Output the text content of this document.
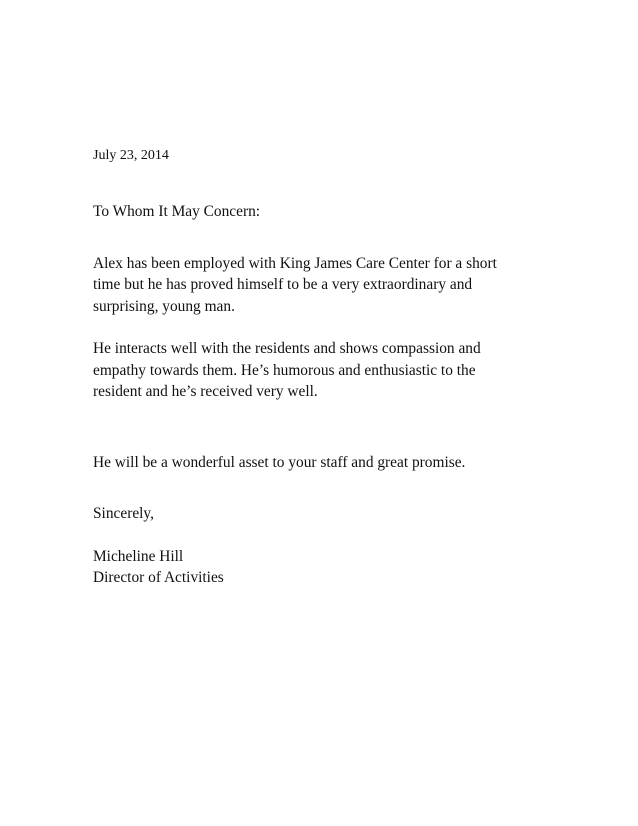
July 23, 2014

To Whom It May Concern:

Alex has been employed with King James Care Center for a short
time but he has proved himself to be a very extraordinary and
surprising, young man.

He interacts well with the residents and shows compassion and
empathy towards them. He’s humorous and enthusiastic to the
resident and he’s received very well.

He will be a wonderful asset to your staff and great promise.

Sincerely,

Micheline Hill

Director of Activities
